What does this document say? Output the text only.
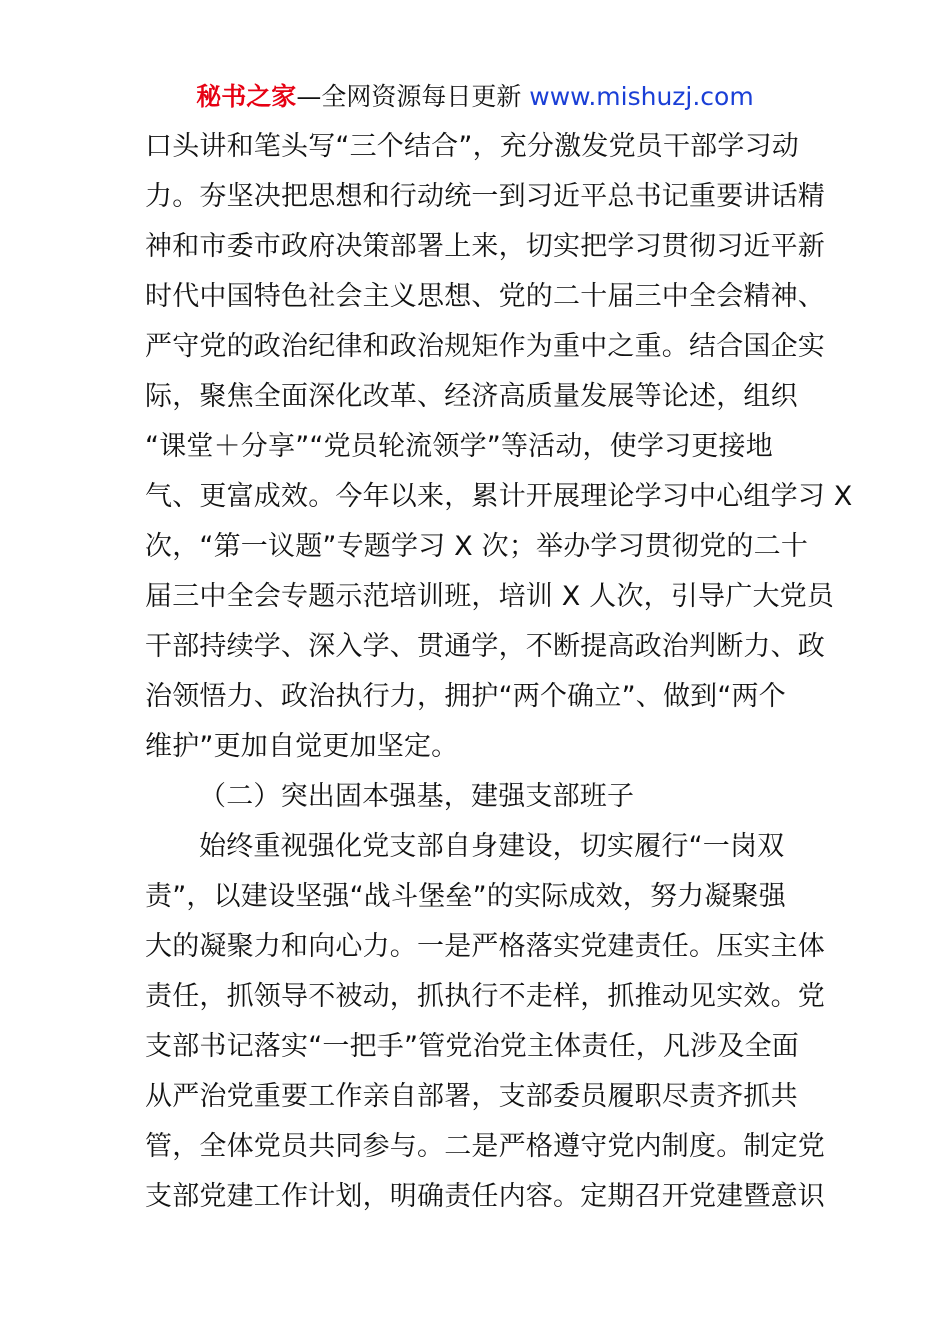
秘书之家—全网资源每日更新 www.mishuzj.com
口头讲和笔头写“三个结合”，充分激发党员干部学习动
力。夯坚决把思想和行动统一到习近平总书记重要讲话精
神和市委市政府决策部署上来，切实把学习贯彻习近平新
时代中国特色社会主义思想、党的二十届三中全会精神、
严守党的政治纪律和政治规矩作为重中之重。结合国企实
际，聚焦全面深化改革、经济高质量发展等论述，组织
“课堂＋分享”“党员轮流领学”等活动，使学习更接地
气、更富成效。今年以来，累计开展理论学习中心组学习 X
次，“第一议题”专题学习 X 次；举办学习贯彻党的二十
届三中全会专题示范培训班，培训 X 人次，引导广大党员
干部持续学、深入学、贯通学，不断提高政治判断力、政
治领悟力、政治执行力，拥护“两个确立”、做到“两个
维护”更加自觉更加坚定。
（二）突出固本强基，建强支部班子
始终重视强化党支部自身建设，切实履行“一岗双
责”，以建设坚强“战斗堡垒”的实际成效，努力凝聚强
大的凝聚力和向心力。一是严格落实党建责任。压实主体
责任，抓领导不被动，抓执行不走样，抓推动见实效。党
支部书记落实“一把手”管党治党主体责任，凡涉及全面
从严治党重要工作亲自部署，支部委员履职尽责齐抓共
管，全体党员共同参与。二是严格遵守党内制度。制定党
支部党建工作计划，明确责任内容。定期召开党建暨意识
